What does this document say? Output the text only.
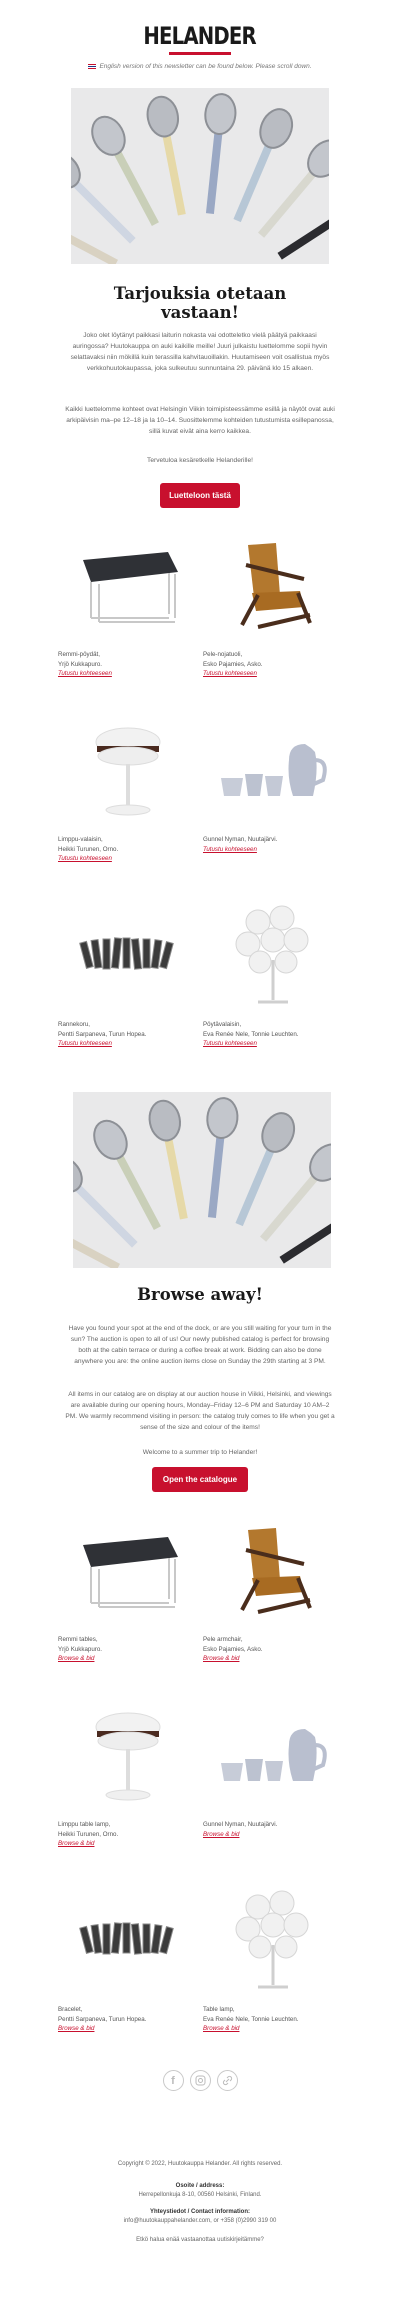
HELANDER
English version of this newsletter can be found below. Please scroll down.
Tarjouksia otetaan
vastaan!

Joko olet löytänyt paikkasi laiturin nokasta vai odotteletko vielä päätyä paikkaasi auringossa? Huutokauppa on auki kaikille meille! Juuri julkaistu luettelomme sopii hyvin selattavaksi niin mökillä kuin terassilla kahvitauoillakin. Huutamiseen voit osallistua myös verkkohuutokaupassa, joka sulkeutuu sunnuntaina 29. päivänä klo 15 alkaen.

Kaikki luettelomme kohteet ovat Helsingin Viikin toimipisteessämme esillä ja näytöt ovat auki arkipäivisin ma–pe 12–18 ja la 10–14. Suosittelemme kohteiden tutustumista esillepanossa, sillä kuvat eivät aina kerro kaikkea.

Tervetuloa kesäretkelle Helanderille!

Luetteloon tästä
Remmi-pöydät,
Yrjö Kukkapuro.
Tutustu kohteeseen
Pele-nojatuoli,
Esko Pajamies, Asko.
Tutustu kohteeseen
Limppu-valaisin,
Heikki Turunen, Orno.
Tutustu kohteeseen
Gunnel Nyman, Nuutajärvi.
Tutustu kohteeseen
Rannekoru,
Pentti Sarpaneva, Turun Hopea.
Tutustu kohteeseen
Pöytävalaisin,
Eva Renée Nele, Tonnie Leuchten.
Tutustu kohteeseen
Browse away!

Have you found your spot at the end of the dock, or are you still waiting for your turn in the sun? The auction is open to all of us! Our newly published catalog is perfect for browsing both at the cabin terrace or during a coffee break at work. Bidding can also be done anywhere you are: the online auction items close on Sunday the 29th starting at 3 PM.

All items in our catalog are on display at our auction house in Viikki, Helsinki, and viewings are available during our opening hours, Monday–Friday 12–6 PM and Saturday 10 AM–2 PM. We warmly recommend visiting in person: the catalog truly comes to life when you get a sense of the size and colour of the items!

Welcome to a summer trip to Helander!

Open the catalogue
Remmi tables,
Yrjö Kukkapuro.
Browse & bid
Pele armchair,
Esko Pajamies, Asko.
Browse & bid
Limppu table lamp,
Heikki Turunen, Orno.
Browse & bid
Gunnel Nyman, Nuutajärvi.
Browse & bid
Bracelet,
Pentti Sarpaneva, Turun Hopea.
Browse & bid
Table lamp,
Eva Renée Nele, Tonnie Leuchten.
Browse & bid
f
Copyright © 2022, Huutokauppa Helander. All rights reserved.
Osoite / address:
Herrepellonkuja 8-10, 00560 Helsinki, Finland.
Yhteystiedot / Contact information:
info@huutokauppahelander.com, or +358 (0)2990 319 00
Etkö halua enää vastaanottaa uutiskirjeitämme?
